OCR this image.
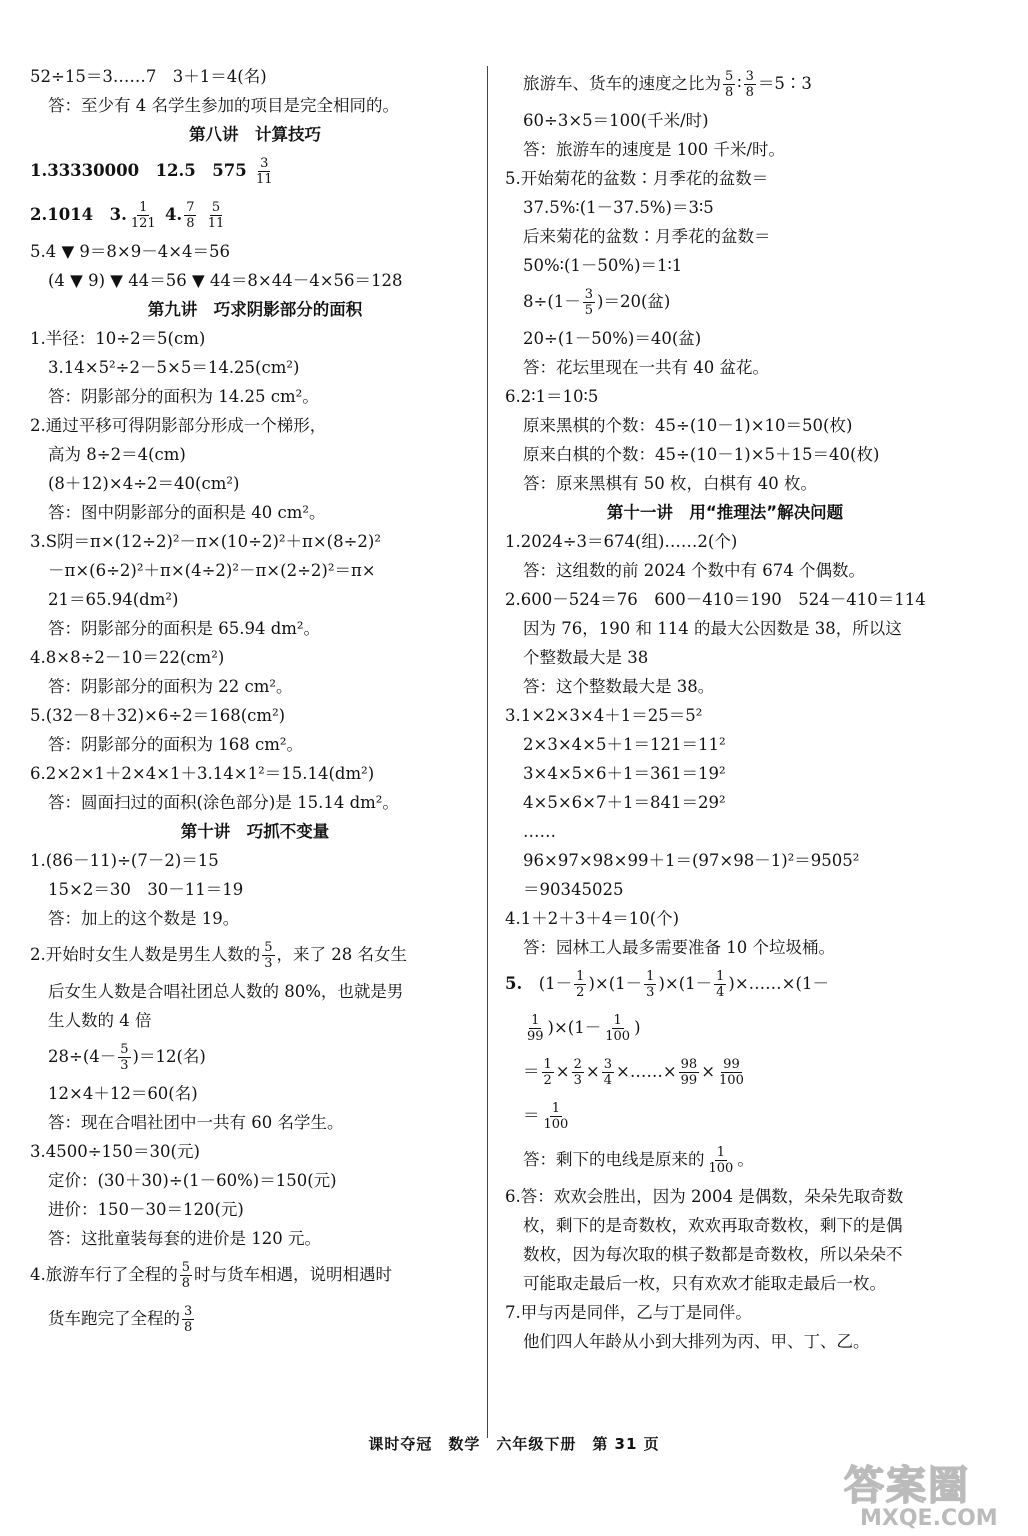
52÷15＝3……7　3＋1＝4(名)
答：至少有 4 名学生参加的项目是完全相同的。
第八讲　计算技巧
1.33330000　12.5　$575 \frac{3}{11}$
2.1014　3. $\frac{1}{121} 4$. $\frac{7}{8}$
$\frac{5}{11}$
5.4 ▼ 9＝8×9－4×4＝56
(4 ▼ 9) ▼ 44＝56 ▼ 44＝8×44－4×56＝128
第九讲　巧求阴影部分的面积
1.半径：10÷2＝5(cm)
3.14×5²÷2－5×5＝14.25(cm²)
答：阴影部分的面积为 14.25 cm²。
2.通过平移可得阴影部分形成一个梯形，
高为 8÷2＝4(cm)
(8＋12)×4÷2＝40(cm²)
答：图中阴影部分的面积是 40 cm²。
3.S阴＝π×(12÷2)²－π×(10÷2)²＋π×(8÷2)²
－π×(6÷2)²＋π×(4÷2)²－π×(2÷2)²＝π×
21＝65.94(dm²)
答：阴影部分的面积是 65.94 dm²。
4.8×8÷2－10＝22(cm²)
答：阴影部分的面积为 22 cm²。
5.(32－8＋32)×6÷2＝168(cm²)
答：阴影部分的面积为 168 cm²。
6.2×2×1＋2×4×1＋3.14×1²＝15.14(dm²)
答：圆面扫过的面积(涂色部分)是 15.14 dm²。
第十讲　巧抓不变量
1.(86－11)÷(7－2)＝15
15×2＝30　30－11＝19
答：加上的这个数是 19。
2.开始时女生人数是男生人数的 $\frac{5}{3}$ ，来了 28 名女生
后女生人数是合唱社团总人数的 80%，也就是男
生人数的 4 倍
$28\div(4- \frac{5}{3} )=12$(名)
12×4＋12＝60(名)
答：现在合唱社团中一共有 60 名学生。
3.4500÷150＝30(元)
定价：(30＋30)÷(1－60%)＝150(元)
进价：150－30＝120(元)
答：这批童装每套的进价是 120 元。
4.旅游车行了全程的 $\frac{5}{8}$ 时与货车相遇，说明相遇时
货车跑完了全程的 $\frac{3}{8}$
旅游车、货车的速度之比为 $\frac{5}{8}$ ∶ $\frac{3}{8}$ ＝5∶3
60÷3×5＝100(千米/时)
答：旅游车的速度是 100 千米/时。
5.开始菊花的盆数∶月季花的盆数＝
37.5%∶(1－37.5%)＝3∶5
后来菊花的盆数∶月季花的盆数＝
50%∶(1－50%)＝1∶1
$8\div(1- \frac{3}{5} )=20$(盆)
20÷(1－50%)＝40(盆)
答：花坛里现在一共有 40 盆花。
6.2∶1＝10∶5
原来黑棋的个数：45÷(10－1)×10＝50(枚)
原来白棋的个数：45÷(10－1)×5＋15＝40(枚)
答：原来黑棋有 50 枚，白棋有 40 枚。
第十一讲　用“推理法”解决问题
1.2024÷3＝674(组)……2(个)
答：这组数的前 2024 个数中有 674 个偶数。
2.600－524＝76　600－410＝190　524－410＝114
因为 76，190 和 114 的最大公因数是 38，所以这
个整数最大是 38
答：这个整数最大是 38。
3.1×2×3×4＋1＝25＝5²
2×3×4×5＋1＝121＝11²
3×4×5×6＋1＝361＝19²
4×5×6×7＋1＝841＝29²
……
96×97×98×99＋1＝(97×98－1)²＝9505²
＝90345025
4.1＋2＋3＋4＝10(个)
答：园林工人最多需要准备 10 个垃圾桶。
5.　$(1- \frac{1}{2} )\times(1- \frac{1}{3} )\times(1- \frac{1}{4}$ )×……×(1－
$\frac{1}{99} )\times(1- \frac{1}{100}$ )
＝ $\frac{1}{2} \times \frac{2}{3} \times \frac{3}{4}$ ×……× $\frac{98}{99} \times \frac{99}{100}$
＝ $\frac{1}{100}$
答：剩下的电线是原来的 $\frac{1}{100}$ 。
6.答：欢欢会胜出，因为 2004 是偶数，朵朵先取奇数
枚，剩下的是奇数枚，欢欢再取奇数枚，剩下的是偶
数枚，因为每次取的棋子数都是奇数枚，所以朵朵不
可能取走最后一枚，只有欢欢才能取走最后一枚。
7.甲与丙是同伴，乙与丁是同伴。
他们四人年龄从小到大排列为丙、甲、丁、乙。
课时夺冠　数学　六年级下册　第 31 页
答案圈
MXQE.COM
